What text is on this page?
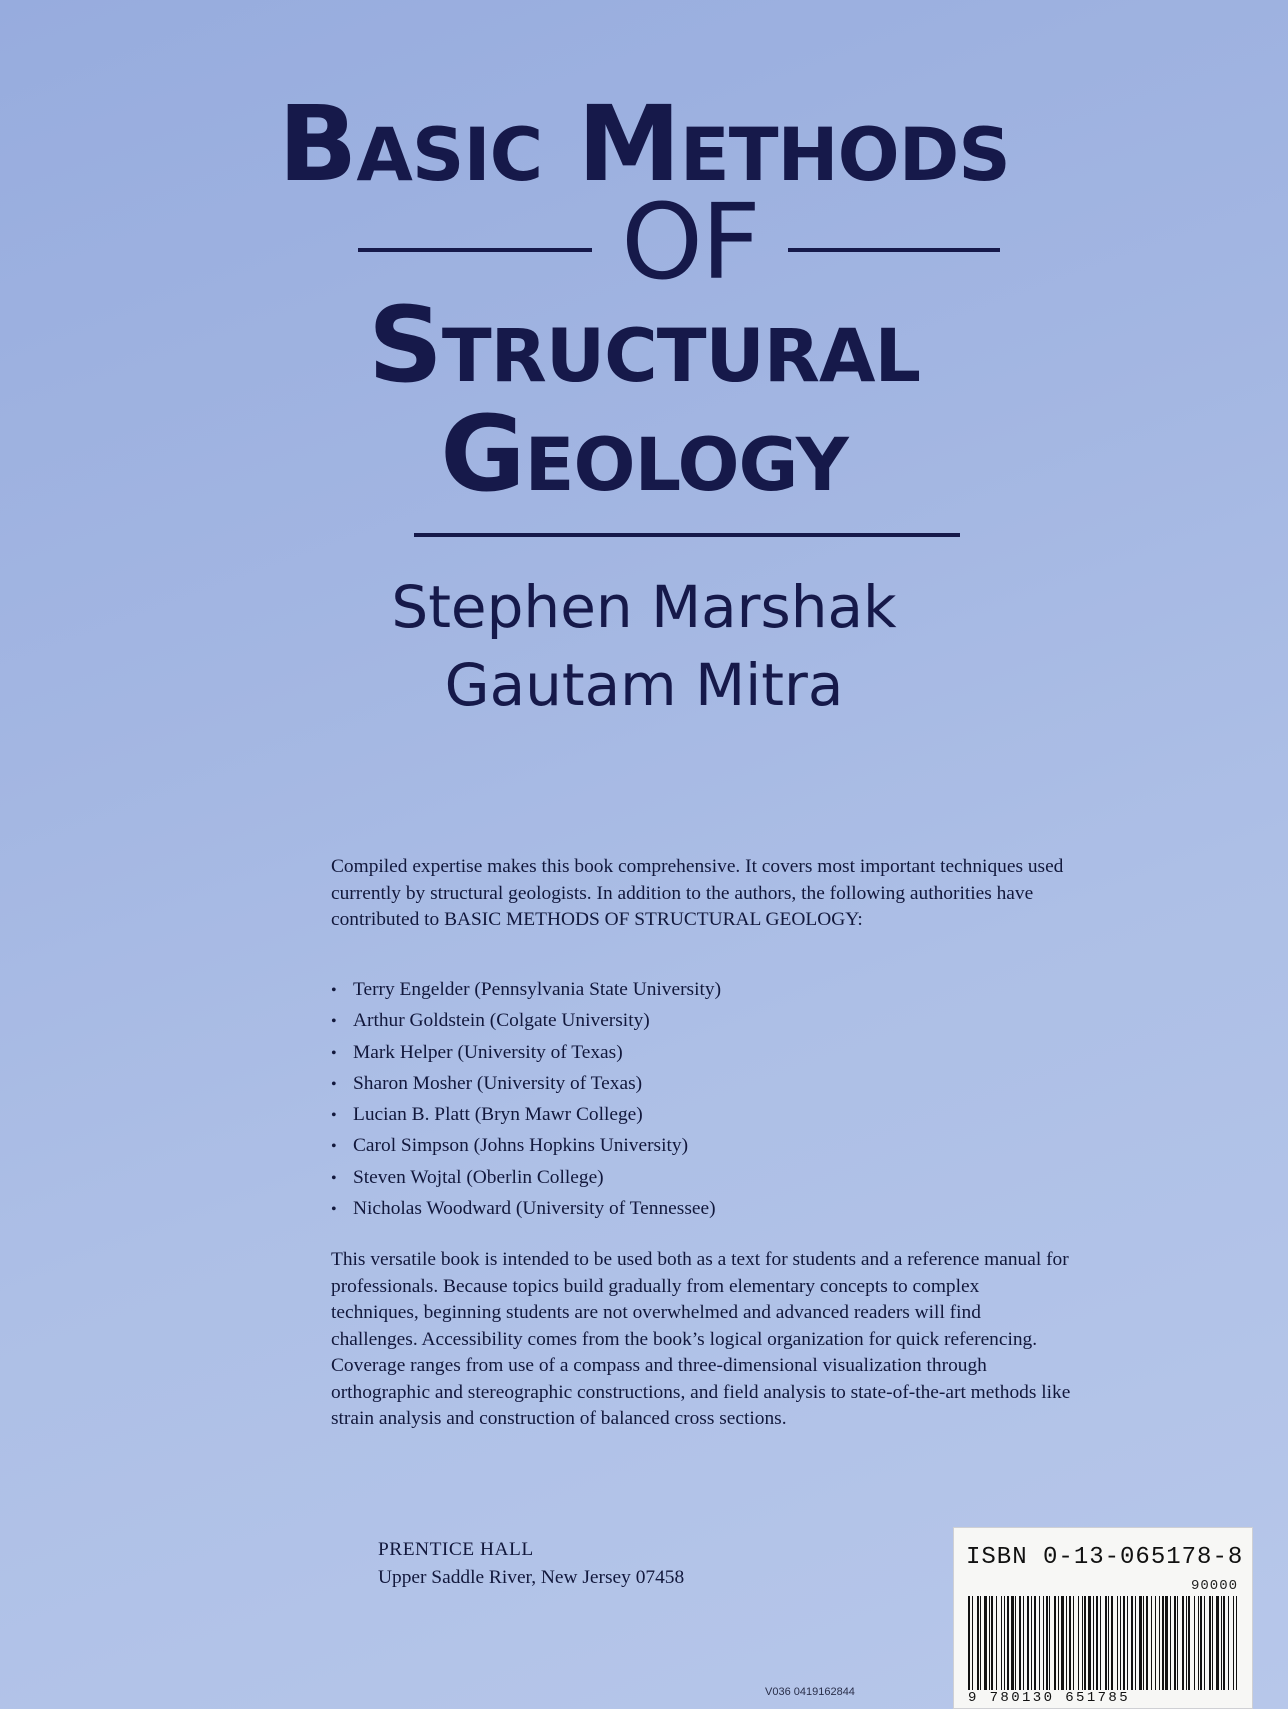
Basic Methods
OF
Structural
Geology

Stephen Marshak

Gautam Mitra

Compiled expertise makes this book comprehensive. It covers most important techniques used currently by structural geologists. In addition to the authors, the following authorities have contributed to BASIC METHODS OF STRUCTURAL GEOLOGY:

• Terry Engelder (Pennsylvania State University)
• Arthur Goldstein (Colgate University)
• Mark Helper (University of Texas)
• Sharon Mosher (University of Texas)
• Lucian B. Platt (Bryn Mawr College)
• Carol Simpson (Johns Hopkins University)
• Steven Wojtal (Oberlin College)
• Nicholas Woodward (University of Tennessee)

This versatile book is intended to be used both as a text for students and a reference manual for professionals. Because topics build gradually from elementary concepts to complex techniques, beginning students are not overwhelmed and advanced readers will find challenges. Accessibility comes from the book’s logical organization for quick referencing. Coverage ranges from use of a compass and three-dimensional visualization through orthographic and stereographic constructions, and field analysis to state-of-the-art methods like strain analysis and construction of balanced cross sections.

PRENTICE HALL
Upper Saddle River, New Jersey 07458

V036 0419162844

ISBN 0-13-065178-8

90000

9 780130 651785
